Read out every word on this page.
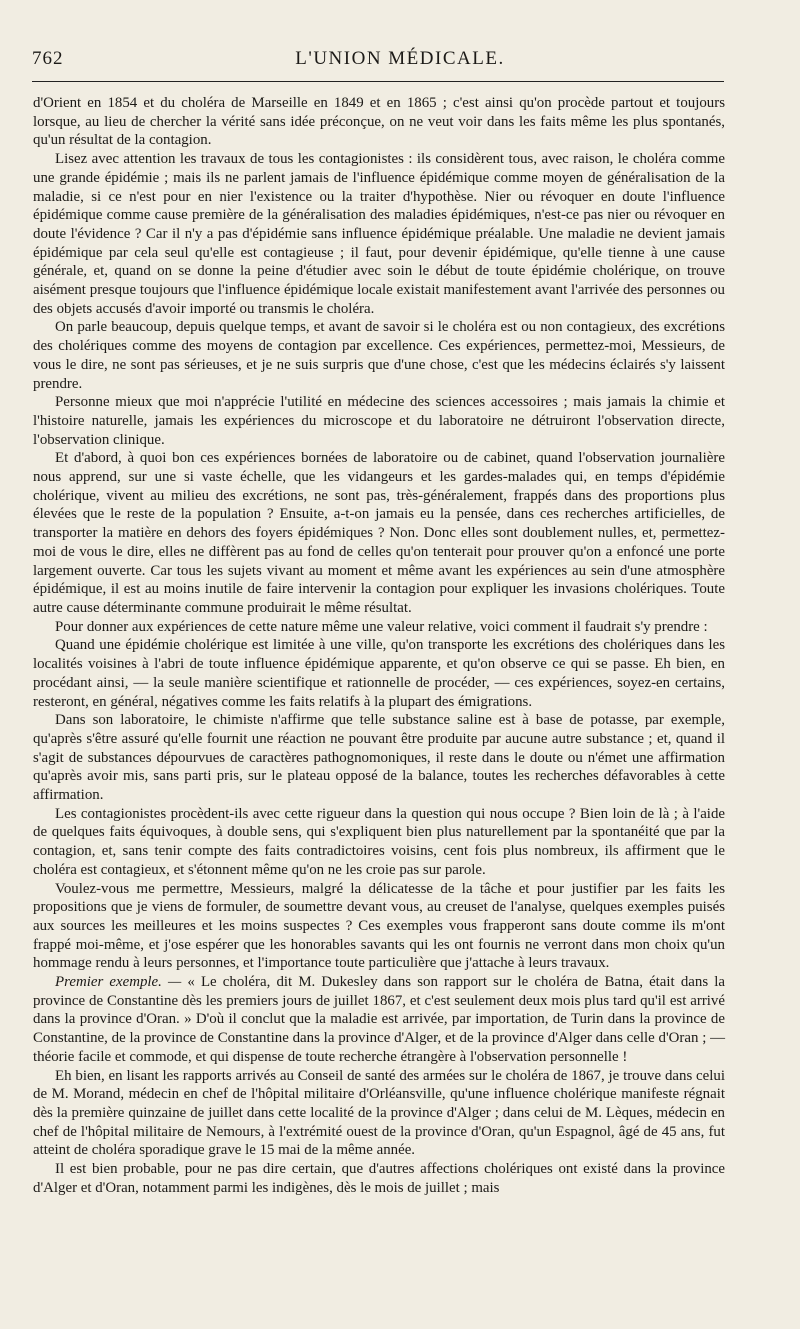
762	L'UNION MÉDICALE.

d'Orient en 1854 et du choléra de Marseille en 1849 et en 1865 ; c'est ainsi qu'on procède partout et toujours lorsque, au lieu de chercher la vérité sans idée préconçue, on ne veut voir dans les faits même les plus spontanés, qu'un résultat de la contagion.

Lisez avec attention les travaux de tous les contagionistes : ils considèrent tous, avec raison, le choléra comme une grande épidémie ; mais ils ne parlent jamais de l'influence épidémique comme moyen de généralisation de la maladie, si ce n'est pour en nier l'existence ou la traiter d'hypothèse. Nier ou révoquer en doute l'influence épidémique comme cause première de la généralisation des maladies épidémiques, n'est-ce pas nier ou révoquer en doute l'évidence ? Car il n'y a pas d'épidémie sans influence épidémique préalable. Une maladie ne devient jamais épidémique par cela seul qu'elle est contagieuse ; il faut, pour devenir épidémique, qu'elle tienne à une cause générale, et, quand on se donne la peine d'étudier avec soin le début de toute épidémie cholérique, on trouve aisément presque toujours que l'influence épidémique locale existait manifestement avant l'arrivée des personnes ou des objets accusés d'avoir importé ou transmis le choléra.

On parle beaucoup, depuis quelque temps, et avant de savoir si le choléra est ou non contagieux, des excrétions des cholériques comme des moyens de contagion par excellence. Ces expériences, permettez-moi, Messieurs, de vous le dire, ne sont pas sérieuses, et je ne suis surpris que d'une chose, c'est que les médecins éclairés s'y laissent prendre.

Personne mieux que moi n'apprécie l'utilité en médecine des sciences accessoires ; mais jamais la chimie et l'histoire naturelle, jamais les expériences du microscope et du laboratoire ne détruiront l'observation directe, l'observation clinique.

Et d'abord, à quoi bon ces expériences bornées de laboratoire ou de cabinet, quand l'observation journalière nous apprend, sur une si vaste échelle, que les vidangeurs et les gardes-malades qui, en temps d'épidémie cholérique, vivent au milieu des excrétions, ne sont pas, très-généralement, frappés dans des proportions plus élevées que le reste de la population ? Ensuite, a-t-on jamais eu la pensée, dans ces recherches artificielles, de transporter la matière en dehors des foyers épidémiques ? Non. Donc elles sont doublement nulles, et, permettez-moi de vous le dire, elles ne diffèrent pas au fond de celles qu'on tenterait pour prouver qu'on a enfoncé une porte largement ouverte. Car tous les sujets vivant au moment et même avant les expériences au sein d'une atmosphère épidémique, il est au moins inutile de faire intervenir la contagion pour expliquer les invasions cholériques. Toute autre cause déterminante commune produirait le même résultat.

Pour donner aux expériences de cette nature même une valeur relative, voici comment il faudrait s'y prendre :

Quand une épidémie cholérique est limitée à une ville, qu'on transporte les excrétions des cholériques dans les localités voisines à l'abri de toute influence épidémique apparente, et qu'on observe ce qui se passe. Eh bien, en procédant ainsi, — la seule manière scientifique et rationnelle de procéder, — ces expériences, soyez-en certains, resteront, en général, négatives comme les faits relatifs à la plupart des émigrations.

Dans son laboratoire, le chimiste n'affirme que telle substance saline est à base de potasse, par exemple, qu'après s'être assuré qu'elle fournit une réaction ne pouvant être produite par aucune autre substance ; et, quand il s'agit de substances dépourvues de caractères pathognomoniques, il reste dans le doute ou n'émet une affirmation qu'après avoir mis, sans parti pris, sur le plateau opposé de la balance, toutes les recherches défavorables à cette affirmation.

Les contagionistes procèdent-ils avec cette rigueur dans la question qui nous occupe ? Bien loin de là ; à l'aide de quelques faits équivoques, à double sens, qui s'expliquent bien plus naturellement par la spontanéité que par la contagion, et, sans tenir compte des faits contradictoires voisins, cent fois plus nombreux, ils affirment que le choléra est contagieux, et s'étonnent même qu'on ne les croie pas sur parole.

Voulez-vous me permettre, Messieurs, malgré la délicatesse de la tâche et pour justifier par les faits les propositions que je viens de formuler, de soumettre devant vous, au creuset de l'analyse, quelques exemples puisés aux sources les meilleures et les moins suspectes ? Ces exemples vous frapperont sans doute comme ils m'ont frappé moi-même, et j'ose espérer que les honorables savants qui les ont fournis ne verront dans mon choix qu'un hommage rendu à leurs personnes, et l'importance toute particulière que j'attache à leurs travaux.

Premier exemple. — « Le choléra, dit M. Dukesley dans son rapport sur le choléra de Batna, était dans la province de Constantine dès les premiers jours de juillet 1867, et c'est seulement deux mois plus tard qu'il est arrivé dans la province d'Oran. » D'où il conclut que la maladie est arrivée, par importation, de Turin dans la province de Constantine, de la province de Constantine dans la province d'Alger, et de la province d'Alger dans celle d'Oran ; — théorie facile et commode, et qui dispense de toute recherche étrangère à l'observation personnelle !

Eh bien, en lisant les rapports arrivés au Conseil de santé des armées sur le choléra de 1867, je trouve dans celui de M. Morand, médecin en chef de l'hôpital militaire d'Orléansville, qu'une influence cholérique manifeste régnait dès la première quinzaine de juillet dans cette localité de la province d'Alger ; dans celui de M. Lèques, médecin en chef de l'hôpital militaire de Nemours, à l'extrémité ouest de la province d'Oran, qu'un Espagnol, âgé de 45 ans, fut atteint de choléra sporadique grave le 15 mai de la même année.

Il est bien probable, pour ne pas dire certain, que d'autres affections cholériques ont existé dans la province d'Alger et d'Oran, notamment parmi les indigènes, dès le mois de juillet ; mais
